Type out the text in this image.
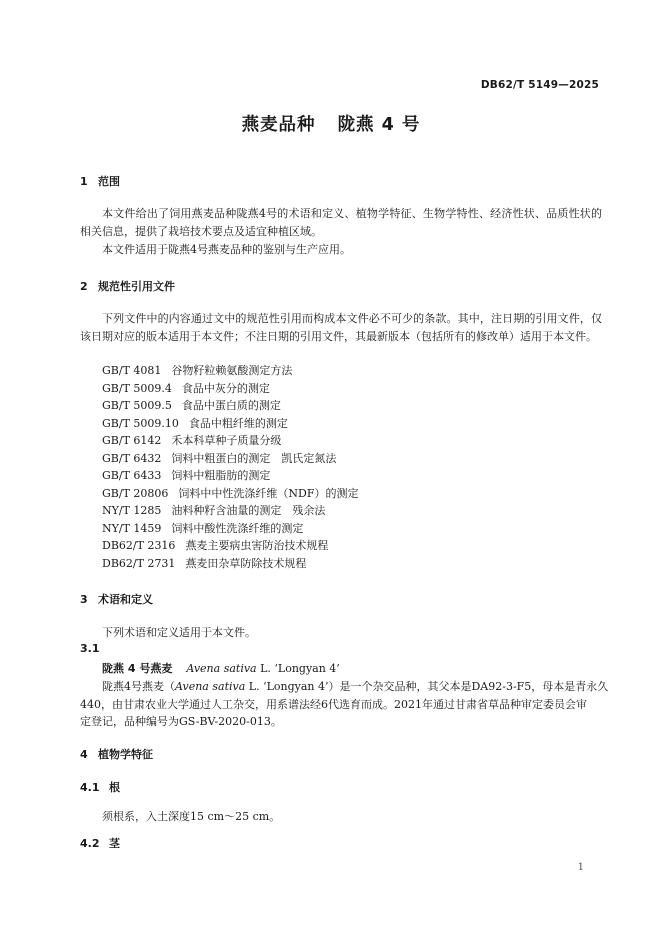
DB62/T 5149—2025
燕麦品种 陇燕 4 号
1 范围
本文件给出了饲用燕麦品种陇燕4号的术语和定义、植物学特征、生物学特性、经济性状、品质性状的相关信息，提供了栽培技术要点及适宜种植区域。
本文件适用于陇燕4号燕麦品种的鉴别与生产应用。
2 规范性引用文件
下列文件中的内容通过文中的规范性引用而构成本文件必不可少的条款。其中，注日期的引用文件，仅该日期对应的版本适用于本文件；不注日期的引用文件，其最新版本（包括所有的修改单）适用于本文件。
GB/T 4081 谷物籽粒赖氨酸测定方法
GB/T 5009.4 食品中灰分的测定
GB/T 5009.5 食品中蛋白质的测定
GB/T 5009.10 食品中粗纤维的测定
GB/T 6142 禾本科草种子质量分级
GB/T 6432 饲料中粗蛋白的测定　凯氏定氮法
GB/T 6433 饲料中粗脂肪的测定
GB/T 20806 饲料中中性洗涤纤维（NDF）的测定
NY/T 1285 油料种籽含油量的测定　残余法
NY/T 1459 饲料中酸性洗涤纤维的测定
DB62/T 2316 燕麦主要病虫害防治技术规程
DB62/T 2731 燕麦田杂草防除技术规程
3 术语和定义
下列术语和定义适用于本文件。
3.1
陇燕 4 号燕麦 Avena sativa L. ‘Longyan 4’
陇燕4号燕麦（Avena sativa L. ‘Longyan 4’）是一个杂交品种，其父本是DA92-3-F5，母本是青永久
440，由甘肃农业大学通过人工杂交，用系谱法经6代选育而成。2021年通过甘肃省草品种审定委员会审
定登记，品种编号为GS-BV-2020-013。
4 植物学特征
4.1 根
须根系，入土深度15 cm～25 cm。
4.2 茎
1
